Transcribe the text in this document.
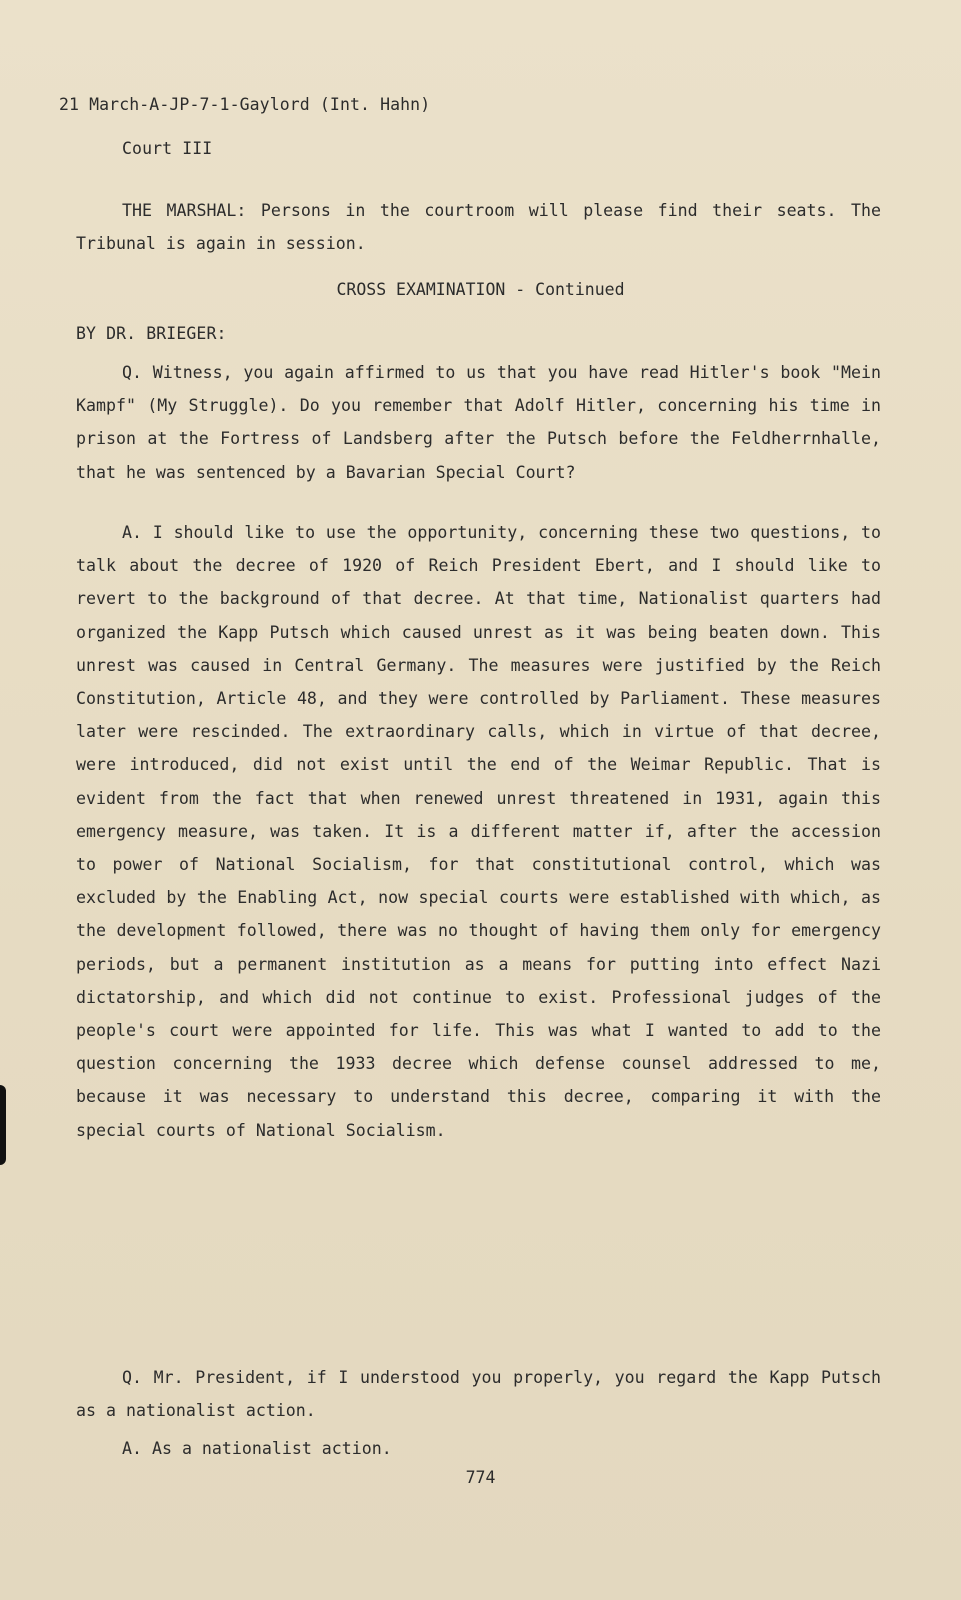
21 March-A-JP-7-1-Gaylord (Int. Hahn)
Court III

THE MARSHAL: Persons in the courtroom will please find their seats. The Tribunal is again in session.

CROSS EXAMINATION - Continued
BY DR. BRIEGER:

Q. Witness, you again affirmed to us that you have read Hitler's book "Mein Kampf" (My Struggle). Do you remember that Adolf Hitler, concerning his time in prison at the Fortress of Landsberg after the Putsch before the Feldherrnhalle, that he was sentenced by a Bavarian Special Court?

A. I should like to use the opportunity, concerning these two questions, to talk about the decree of 1920 of Reich President Ebert, and I should like to revert to the background of that decree. At that time, Nationalist quarters had organized the Kapp Putsch which caused unrest as it was being beaten down. This unrest was caused in Central Germany. The measures were justified by the Reich Constitution, Article 48, and they were controlled by Parliament. These measures later were rescinded. The extraordinary calls, which in virtue of that decree, were introduced, did not exist until the end of the Weimar Republic. That is evident from the fact that when renewed unrest threatened in 1931, again this emergency measure, was taken. It is a different matter if, after the accession to power of National Socialism, for that constitutional control, which was excluded by the Enabling Act, now special courts were established with which, as the development followed, there was no thought of having them only for emergency periods, but a permanent institution as a means for putting into effect Nazi dictatorship, and which did not continue to exist. Professional judges of the people's court were appointed for life. This was what I wanted to add to the question concerning the 1933 decree which defense counsel addressed to me, because it was necessary to understand this decree, comparing it with the special courts of National Socialism.

Q. Mr. President, if I understood you properly, you regard the Kapp Putsch as a nationalist action.

A. As a nationalist action.

774
